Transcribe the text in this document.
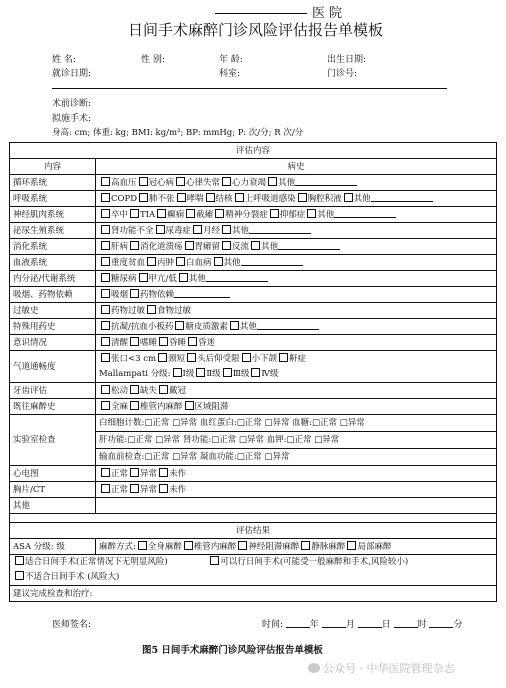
医 院
日间手术麻醉门诊风险评估报告单模板
姓 名:	性 别:	年 龄:	出生日期:
就诊日期:	科室:	门诊号:
术前诊断:
拟施手术:
身高: cm; 体重: kg; BMI: kg/m²; BP: mmHg; P: 次/分; R 次/分
评估内容	
内容	病史
循环系统	高血压 冠心病 心律失常 心力衰竭 其他
呼吸系统	COPD 肺不张 哮喘 结核 上呼吸道感染 胸腔积液 其他
神经肌肉系统	卒中 TIA 癫痫 截瘫 精神分裂症 抑郁症 其他
泌尿生殖系统	肾功能不全 尿毒症 月经 其他
消化系统	肝病 消化道溃疡 胃瘫留 反流 其他
血液系统	重度贫血 丙肿 白血病 其他
内分泌/代谢系统	糖尿病 甲亢/低 其他
吸烟、药物依赖	吸烟 药物依赖
过敏史	药物过敏 食物过敏
特殊用药史	抗凝/抗血小板药 糖皮质激素 其他
意识情况	清醒 嗜睡 昏睡 昏迷
气道通畅度	张口<3 cm 颈短 头后仰受限 小下颌 鼾症
Mallampati 分级: Ⅰ级 Ⅱ级 Ⅲ级 Ⅳ级

牙齿评估	松动 缺失 戴冠
既往麻醉史	全麻 椎管内麻醉 区域阻滞
实验室检查	白细胞计数:□正常 □异常 血红蛋白:□正常 □异常 血糖:□正常 □异常
肝功能:□正常 □异常 肾功能:□正常 □异常 血钾:□正常 □异常
输血前检查:□正常 □异常 凝血功能:□正常 □异常

心电图	正常 异常 未作
胸片/CT	正常 异常 未作
其他	

评估结果	
ASA 分级: 级	麻醉方式: 全身麻醉 椎管内麻醉 神经阻滞麻醉 静脉麻醉 局部麻醉

适合日间手术(正常情况下无明显风险) 可以行日间手术(可能受一般麻醉和手术,风险较小)
不适合日间手术 (风险大)	

建议完成检查和治疗:	
医师签名:	时间:	年	月	日	时	分
图5 日间手术麻醉门诊风险评估报告单模板
公众号 · 中华医院管理杂志
